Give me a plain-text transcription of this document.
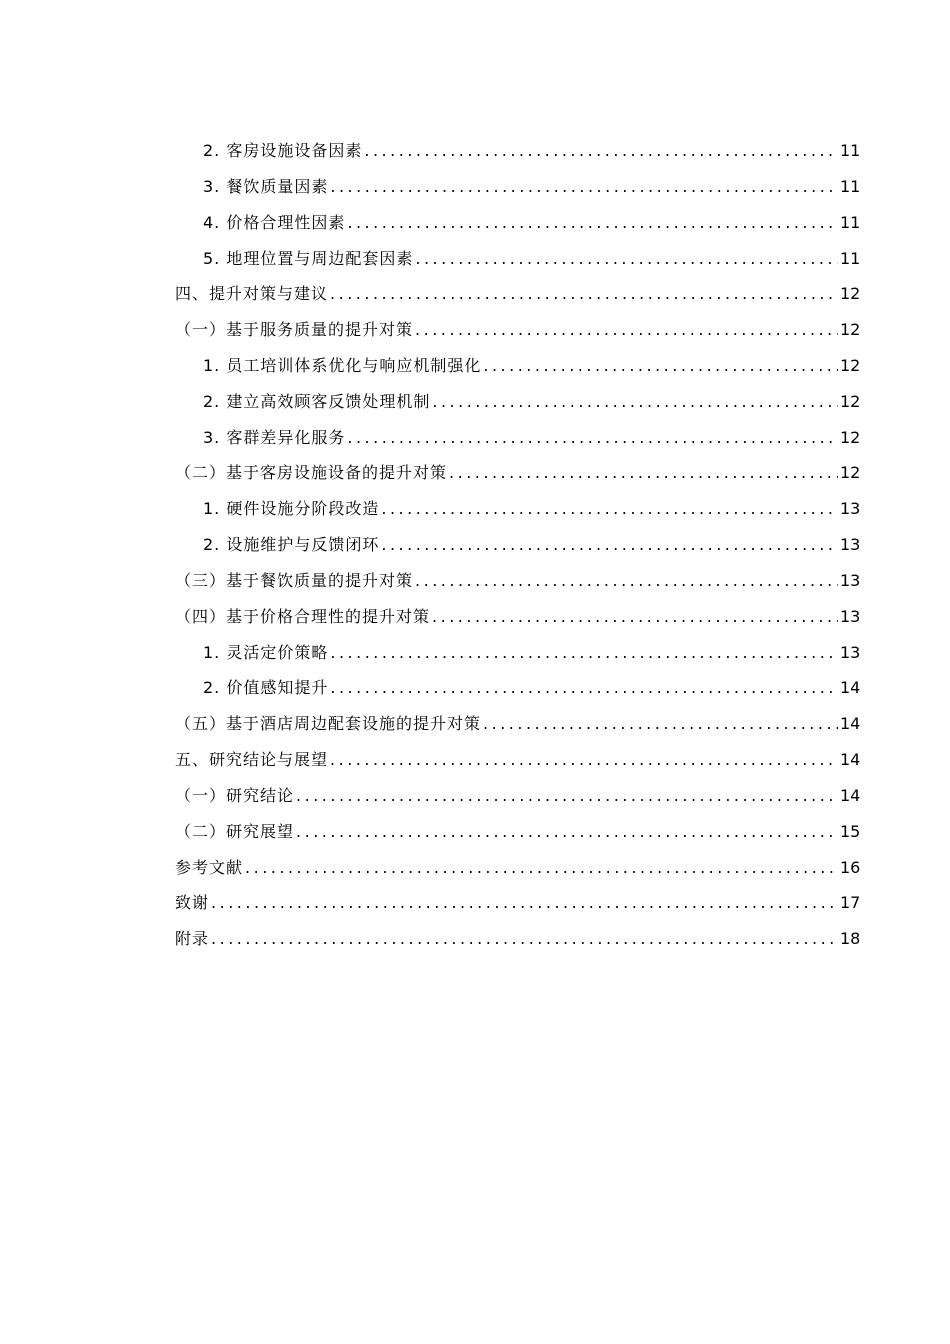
2. 客房设施设备因素 .....	11
3. 餐饮质量因素 .....	11
4. 价格合理性因素 .....	11
5. 地理位置与周边配套因素 .....	11
四、提升对策与建议 .....	12
（一）基于服务质量的提升对策 .....	12
1. 员工培训体系优化与响应机制强化 .....	12
2. 建立高效顾客反馈处理机制 .....	12
3. 客群差异化服务 .....	12
（二）基于客房设施设备的提升对策 .....	12
1. 硬件设施分阶段改造 .....	13
2. 设施维护与反馈闭环 .....	13
（三）基于餐饮质量的提升对策 .....	13
（四）基于价格合理性的提升对策 .....	13
1. 灵活定价策略 .....	13
2. 价值感知提升 .....	14
（五）基于酒店周边配套设施的提升对策 .....	14
五、研究结论与展望 .....	14
（一）研究结论 .....	14
（二）研究展望 .....	15
参考文献 .....	16
致谢 .....	17
附录 .....	18
